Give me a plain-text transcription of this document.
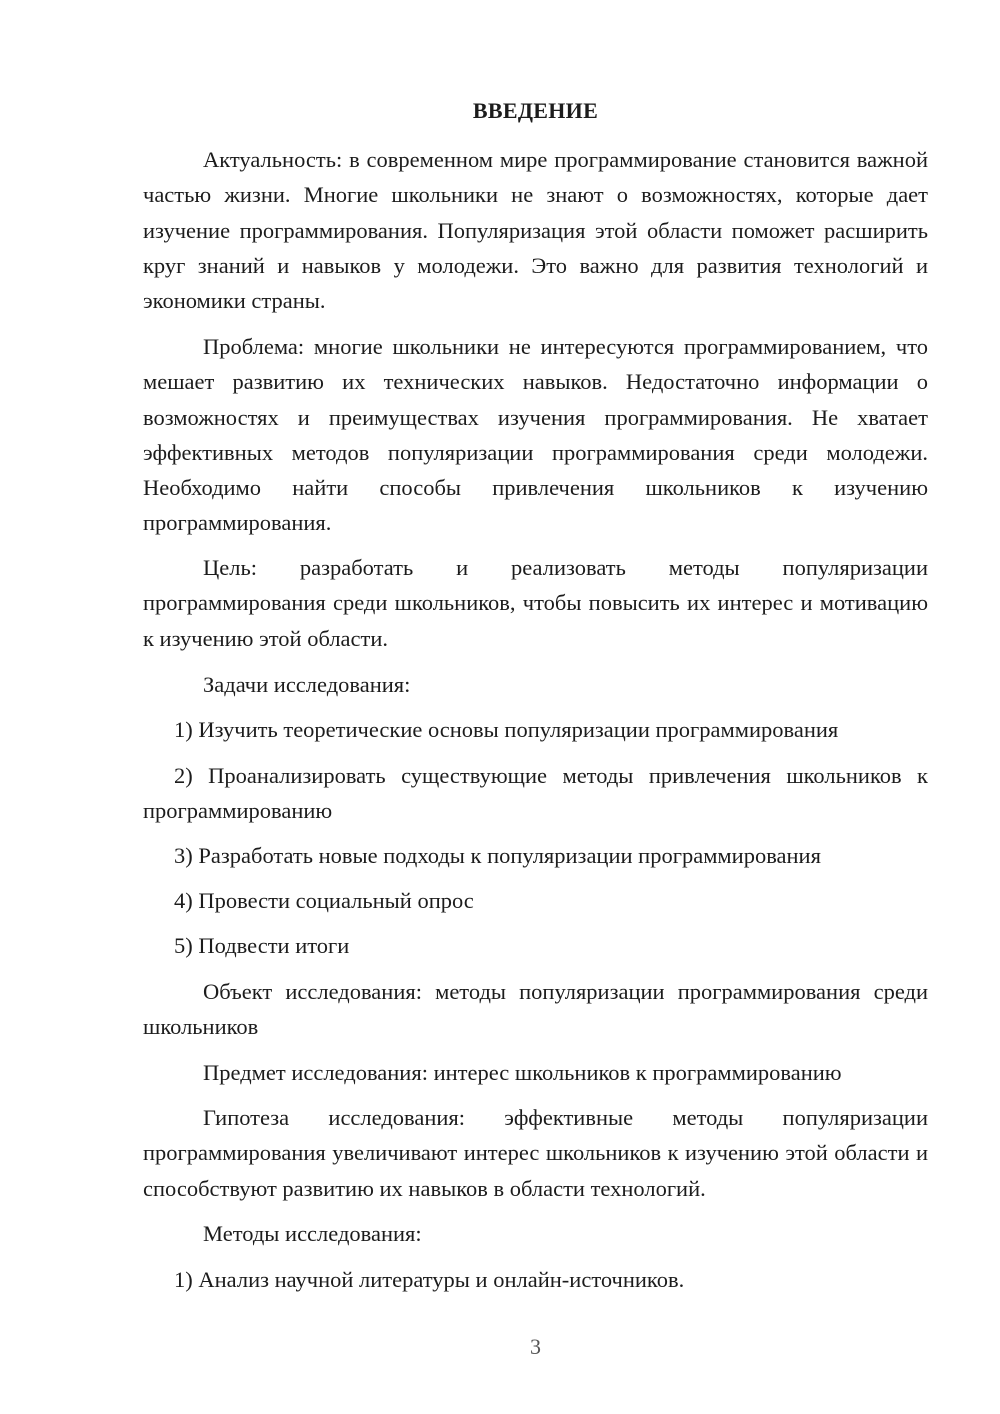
ВВЕДЕНИЕ

Актуальность: в современном мире программирование становится важной частью жизни. Многие школьники не знают о возможностях, которые дает изучение программирования. Популяризация этой области поможет расширить круг знаний и навыков у молодежи. Это важно для развития технологий и экономики страны.

Проблема: многие школьники не интересуются программированием, что мешает развитию их технических навыков. Недостаточно информации о возможностях и преимуществах изучения программирования. Не хватает эффективных методов популяризации программирования среди молодежи. Необходимо найти способы привлечения школьников к изучению программирования.

Цель: разработать и реализовать методы популяризации программирования среди школьников, чтобы повысить их интерес и мотивацию к изучению этой области.

Задачи исследования:

1) Изучить теоретические основы популяризации программирования

2) Проанализировать существующие методы привлечения школьников к программированию

3) Разработать новые подходы к популяризации программирования

4) Провести социальный опрос

5) Подвести итоги

Объект исследования: методы популяризации программирования среди школьников

Предмет исследования: интерес школьников к программированию

Гипотеза исследования: эффективные методы популяризации программирования увеличивают интерес школьников к изучению этой области и способствуют развитию их навыков в области технологий.

Методы исследования:

1) Анализ научной литературы и онлайн-источников.

3
